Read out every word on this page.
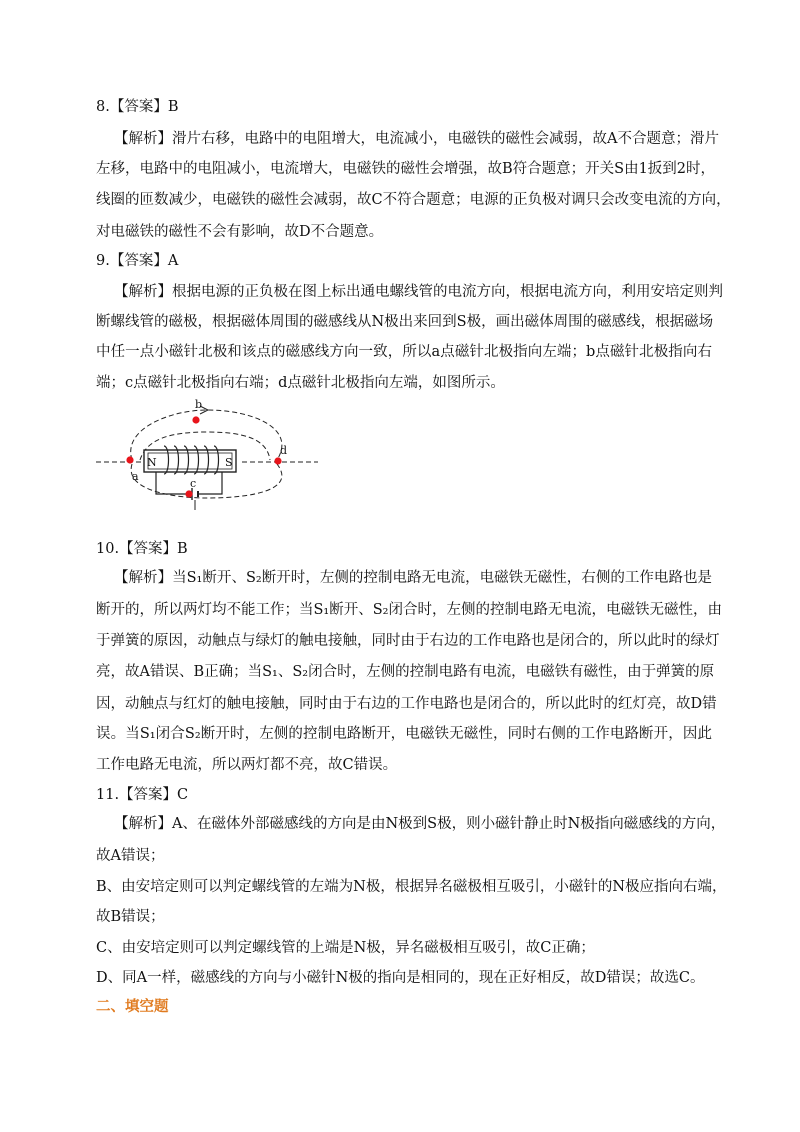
8.【答案】B
【解析】滑片右移，电路中的电阻增大，电流减小，电磁铁的磁性会减弱，故A不合题意；滑片
左移，电路中的电阻减小，电流增大，电磁铁的磁性会增强，故B符合题意；开关S由1扳到2时，
线圈的匝数减少，电磁铁的磁性会减弱，故C不符合题意；电源的正负极对调只会改变电流的方向，
对电磁铁的磁性不会有影响，故D不合题意。
9.【答案】A
【解析】根据电源的正负极在图上标出通电螺线管的电流方向，根据电流方向，利用安培定则判
断螺线管的磁极，根据磁体周围的磁感线从N极出来回到S极，画出磁体周围的磁感线，根据磁场
中任一点小磁针北极和该点的磁感线方向一致，所以a点磁针北极指向左端；b点磁针北极指向右
端；c点磁针北极指向右端；d点磁针北极指向左端，如图所示。
N	S
a
b
c
d
10.【答案】B
【解析】当S₁断开、S₂断开时，左侧的控制电路无电流，电磁铁无磁性，右侧的工作电路也是
断开的，所以两灯均不能工作；当S₁断开、S₂闭合时，左侧的控制电路无电流，电磁铁无磁性，由
于弹簧的原因，动触点与绿灯的触电接触，同时由于右边的工作电路也是闭合的，所以此时的绿灯
亮，故A错误、B正确；当S₁、S₂闭合时，左侧的控制电路有电流，电磁铁有磁性，由于弹簧的原
因，动触点与红灯的触电接触，同时由于右边的工作电路也是闭合的，所以此时的红灯亮，故D错
误。当S₁闭合S₂断开时，左侧的控制电路断开，电磁铁无磁性，同时右侧的工作电路断开，因此
工作电路无电流，所以两灯都不亮，故C错误。
11.【答案】C
【解析】A、在磁体外部磁感线的方向是由N极到S极，则小磁针静止时N极指向磁感线的方向，
故A错误；
B、由安培定则可以判定螺线管的左端为N极，根据异名磁极相互吸引，小磁针的N极应指向右端，
故B错误；
C、由安培定则可以判定螺线管的上端是N极，异名磁极相互吸引，故C正确；
D、同A一样，磁感线的方向与小磁针N极的指向是相同的，现在正好相反，故D错误；故选C。
二、填空题
